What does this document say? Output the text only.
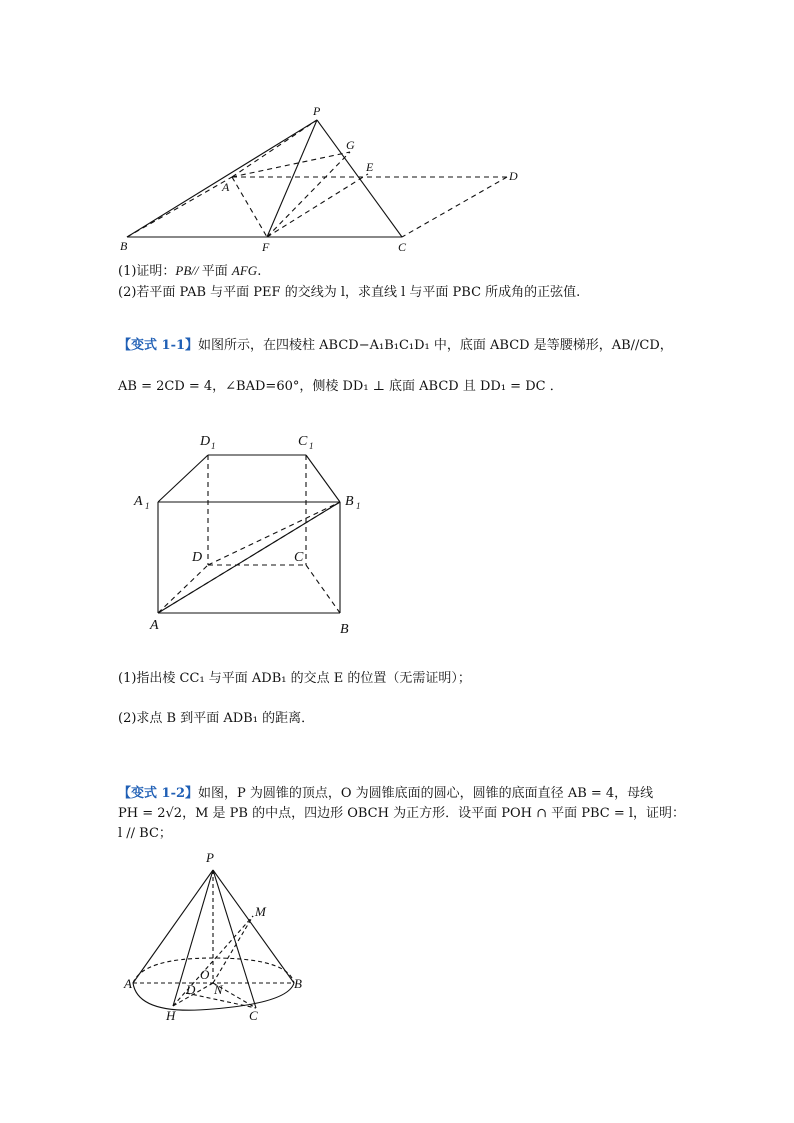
P
G
E
D
A
B	F	C
(1)证明：PB// 平面 AFG.
(2)若平面 PAB 与平面 PEF 的交线为 l，求直线 l 与平面 PBC 所成角的正弦值.
【变式 1-1】如图所示，在四棱柱 ABCD−A₁B₁C₁D₁ 中，底面 ABCD 是等腰梯形，AB//CD，
AB = 2CD = 4，∠BAD=60°，侧棱 DD₁ ⊥ 底面 ABCD 且 DD₁ = DC ．
D 1	C 1
A 1	B 1
D	C
A	B
(1)指出棱 CC₁ 与平面 ADB₁ 的交点 E 的位置（无需证明）；
(2)求点 B 到平面 ADB₁ 的距离．
【变式 1-2】如图，P 为圆锥的顶点，O 为圆锥底面的圆心，圆锥的底面直径 AB = 4，母线
PH = 2√2，M 是 PB 的中点，四边形 OBCH 为正方形．设平面 POH ∩ 平面 PBC = l，证明：
l // BC；
P
M
A
O
D N	B
H	C
